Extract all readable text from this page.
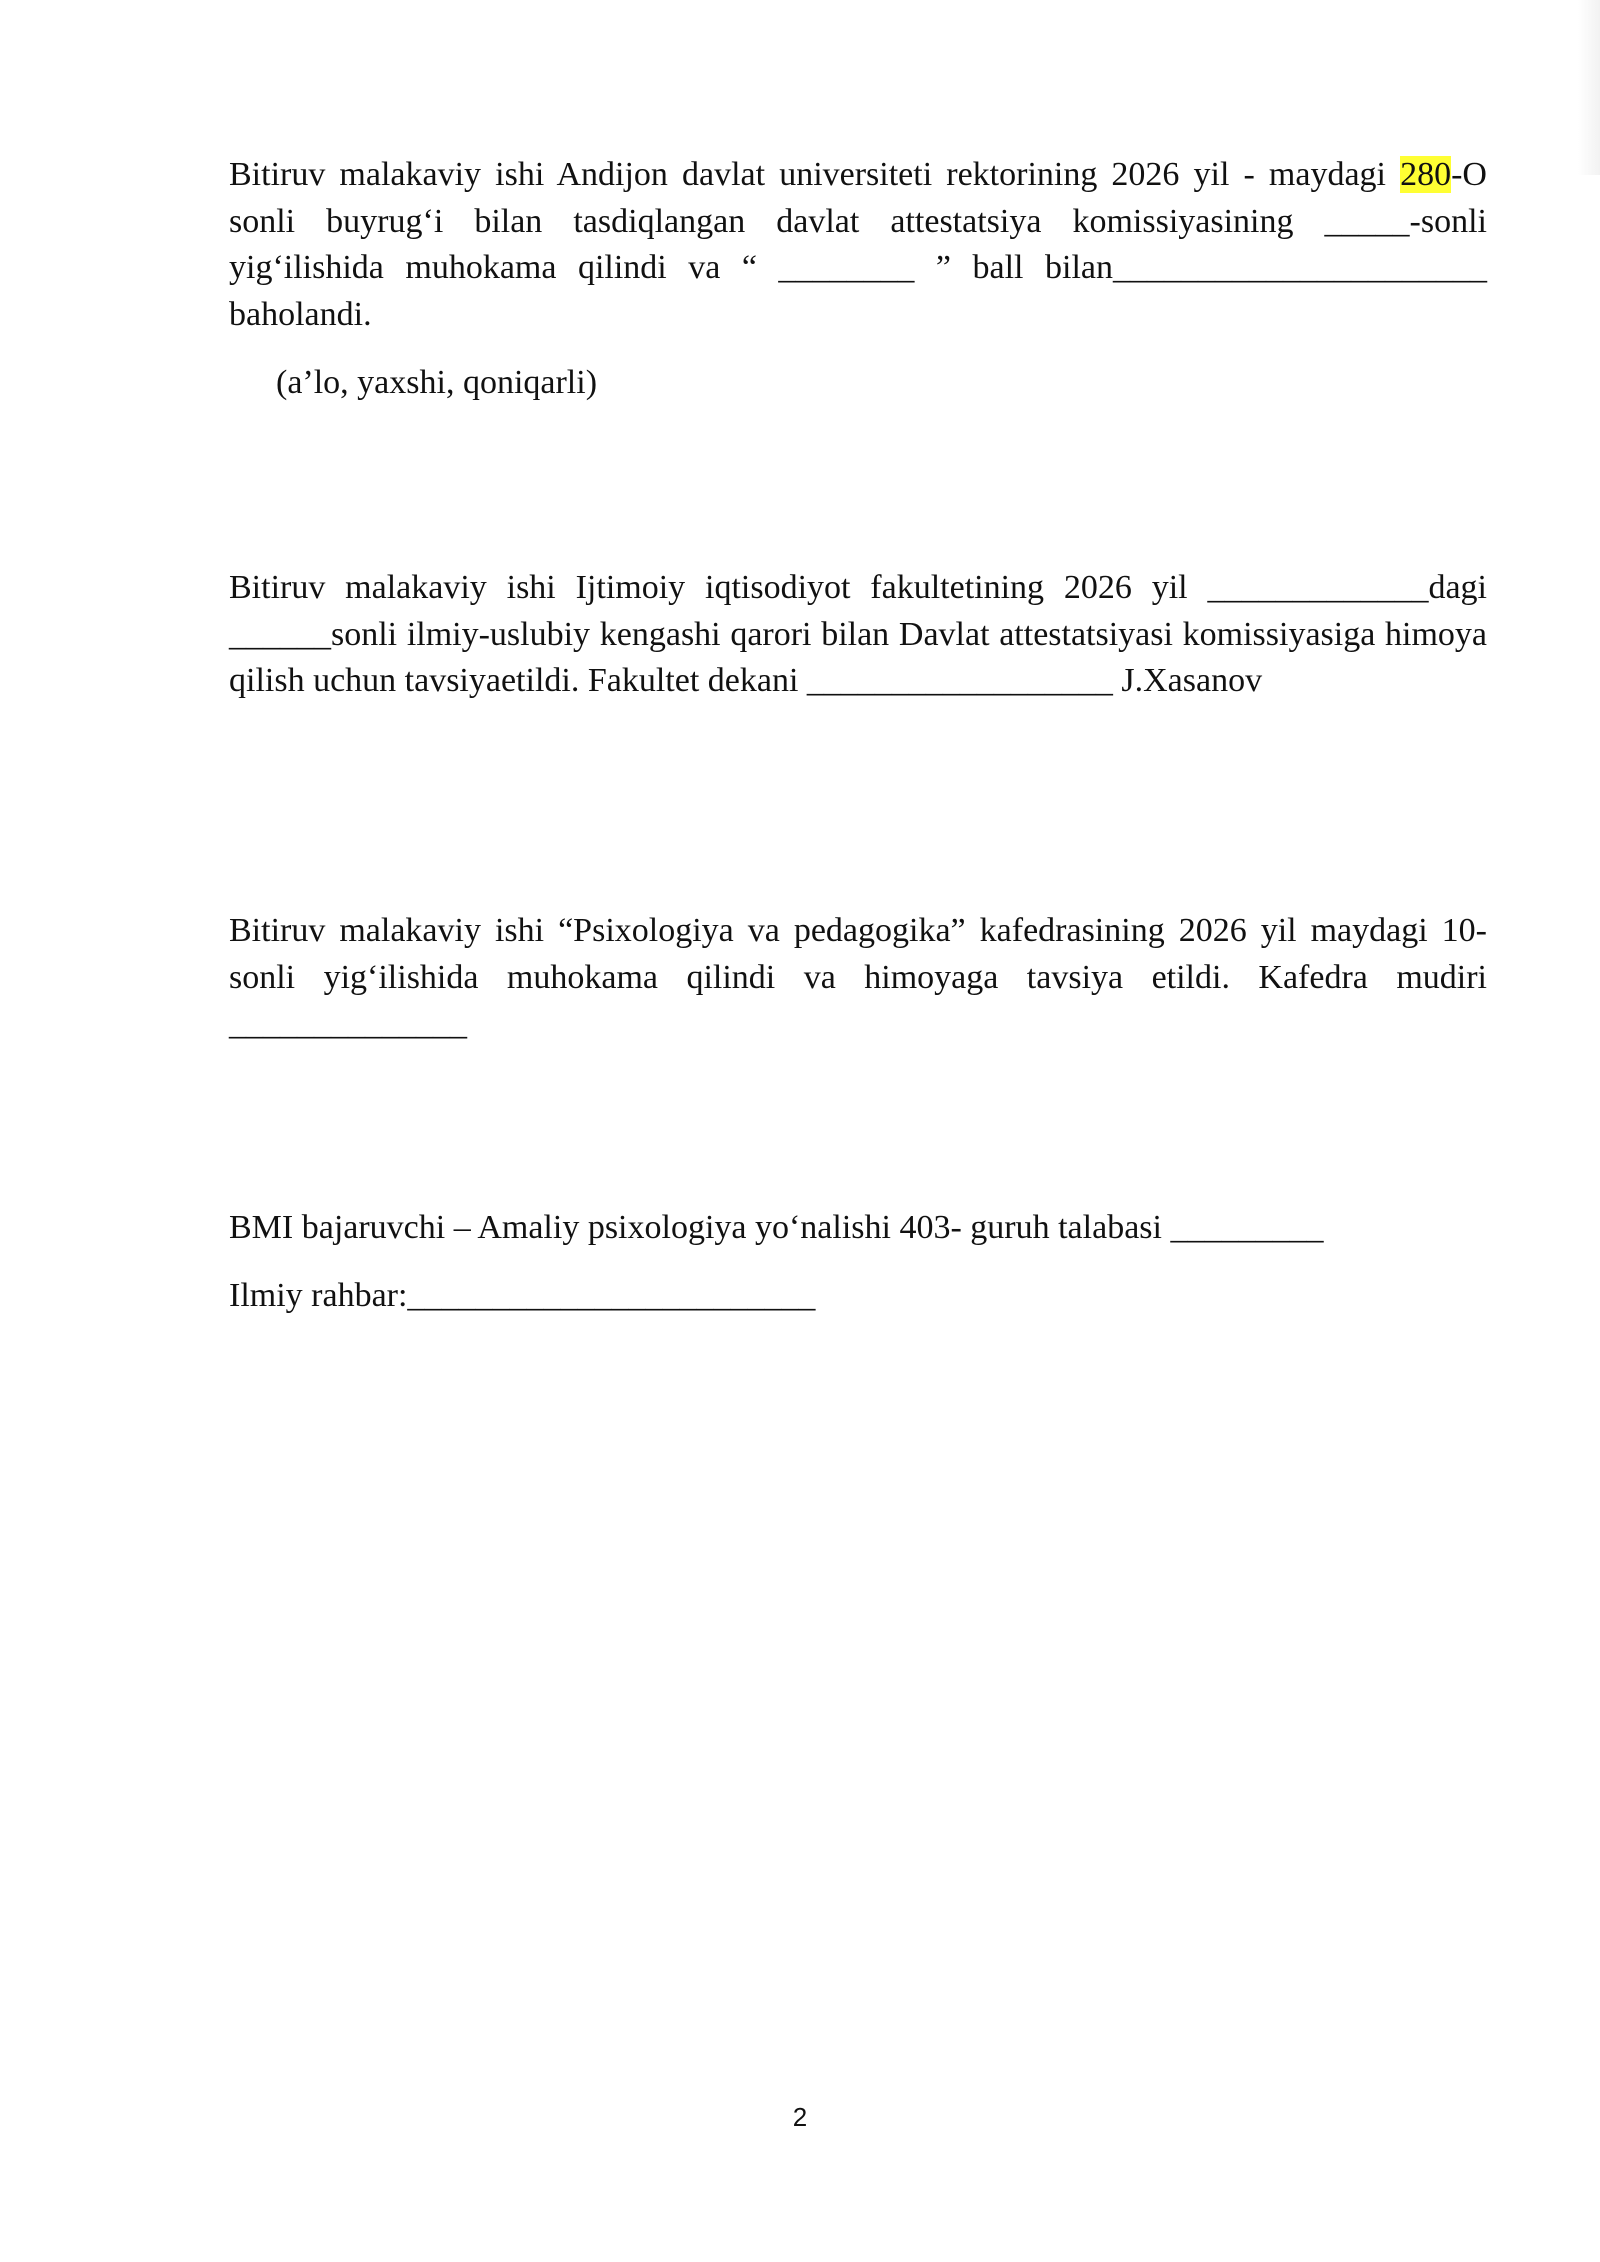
Bitiruv malakaviy ishi Andijon davlat universiteti rektorining 2026 yil - maydagi 280-O sonli buyrug‘i bilan tasdiqlangan davlat attestatsiya komissiyasining _____-sonli yig‘ilishida muhokama qilindi va “ ________ ” ball bilan______________________ baholandi.

(a’lo, yaxshi, qoniqarli)

Bitiruv malakaviy ishi Ijtimoiy iqtisodiyot fakultetining 2026 yil _____________dagi ______sonli ilmiy-uslubiy kengashi qarori bilan Davlat attestatsiyasi komissiyasiga himoya qilish uchun tavsiyaetildi. Fakultet dekani __________________ J.Xasanov

Bitiruv malakaviy ishi “Psixologiya va pedagogika” kafedrasining 2026 yil maydagi 10-sonli yig‘ilishida muhokama qilindi va himoyaga tavsiya etildi. Kafedra mudiri ______________

BMI bajaruvchi – Amaliy psixologiya yo‘nalishi 403- guruh talabasi _________

Ilmiy rahbar:________________________

2
